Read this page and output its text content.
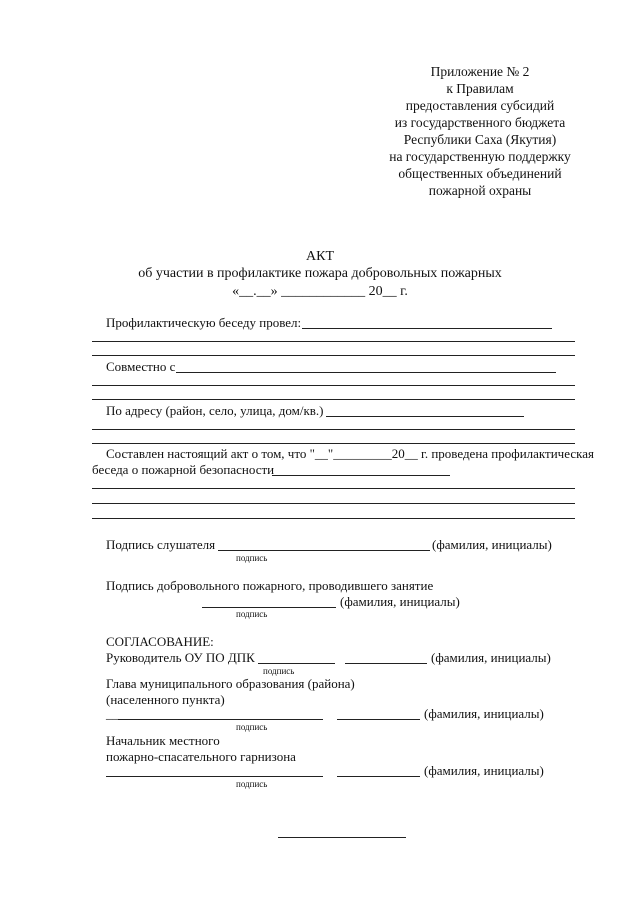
Приложение № 2
к Правилам
предоставления субсидий
из государственного бюджета
Республики Саха (Якутия)
на государственную поддержку
общественных объединений
пожарной охраны
АКТ
об участии в профилактике пожара добровольных пожарных
«__.__» ____________ 20__ г.
Профилактическую беседу провел:
Совместно с
По адресу (район, село, улица, дом/кв.)
Составлен настоящий акт о том, что "__"_________20__ г. проведена профилактическая
беседа о пожарной безопасности
Подпись слушателя	(фамилия, инициалы)
подпись
Подпись добровольного пожарного, проводившего занятие
(фамилия, инициалы)
подпись
СОГЛАСОВАНИЕ:
Руководитель ОУ ПО ДПК	(фамилия, инициалы)
подпись
Глава муниципального образования (района)
(населенного пункта)
__	(фамилия, инициалы)
подпись
Начальник местного
пожарно-спасательного гарнизона
(фамилия, инициалы)
подпись
